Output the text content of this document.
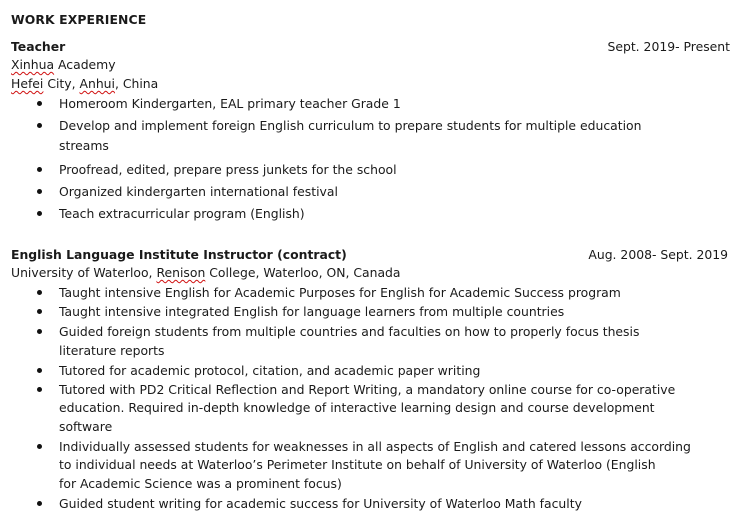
WORK EXPERIENCE
Teacher	Sept. 2019- Present
Xinhua Academy
Hefei City, Anhui, China
Homeroom Kindergarten, EAL primary teacher Grade 1
Develop and implement foreign English curriculum to prepare students for multiple education
streams
Proofread, edited, prepare press junkets for the school
Organized kindergarten international festival
Teach extracurricular program (English)
English Language Institute Instructor (contract)	Aug. 2008- Sept. 2019
University of Waterloo, Renison College, Waterloo, ON, Canada
Taught intensive English for Academic Purposes for English for Academic Success program
Taught intensive integrated English for language learners from multiple countries
Guided foreign students from multiple countries and faculties on how to properly focus thesis
literature reports
Tutored for academic protocol, citation, and academic paper writing
Tutored with PD2 Critical Reflection and Report Writing, a mandatory online course for co-operative
education. Required in-depth knowledge of interactive learning design and course development
software
Individually assessed students for weaknesses in all aspects of English and catered lessons according
to individual needs at Waterloo’s Perimeter Institute on behalf of University of Waterloo (English
for Academic Science was a prominent focus)
Guided student writing for academic success for University of Waterloo Math faculty
